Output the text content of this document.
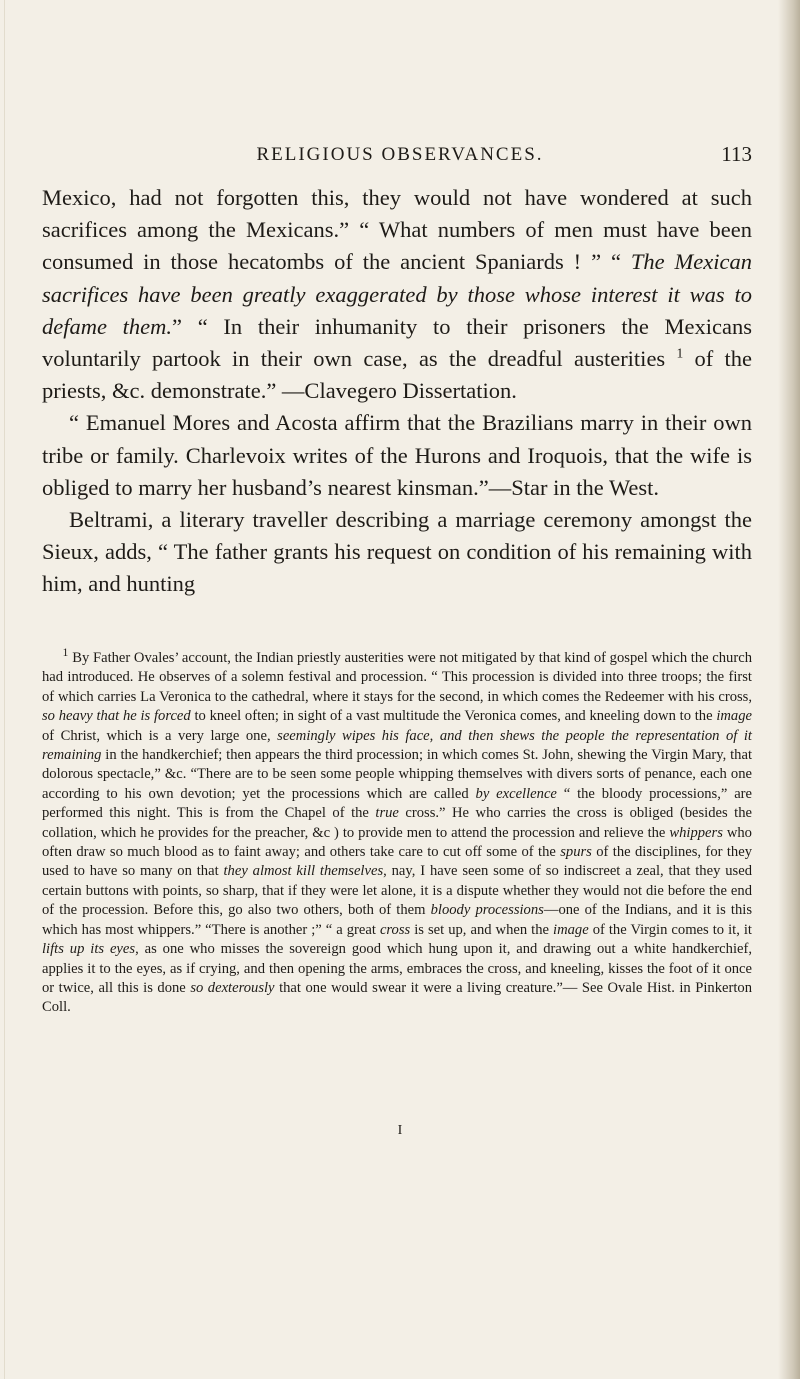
RELIGIOUS OBSERVANCES.	113

Mexico, had not forgotten this, they would not have wondered at such sacrifices among the Mexicans.” “ What numbers of men must have been consumed in those hecatombs of the ancient Spaniards ! ” “ The Mexican sacrifices have been greatly exaggerated by those whose interest it was to defame them.” “ In their inhumanity to their prisoners the Mexicans voluntarily partook in their own case, as the dreadful austerities $^1$ of the priests, &c. demonstrate.” —Clavegero Dissertation.

“ Emanuel Mores and Acosta affirm that the Brazilians marry in their own tribe or family. Charlevoix writes of the Hurons and Iroquois, that the wife is obliged to marry her husband’s nearest kinsman.”—Star in the West.

Beltrami, a literary traveller describing a marriage ceremony amongst the Sieux, adds, “ The father grants his request on condition of his remaining with him, and hunting

$^1$ By Father Ovales’ account, the Indian priestly austerities were not mitigated by that kind of gospel which the church had introduced. He observes of a solemn festival and procession. “ This procession is divided into three troops; the first of which carries La Veronica to the cathedral, where it stays for the second, in which comes the Redeemer with his cross, so heavy that he is forced to kneel often; in sight of a vast multitude the Veronica comes, and kneeling down to the image of Christ, which is a very large one, seemingly wipes his face, and then shews the people the representation of it remaining in the handkerchief; then appears the third procession; in which comes St. John, shewing the Virgin Mary, that dolorous spectacle,” &c. “There are to be seen some people whipping themselves with divers sorts of penance, each one according to his own devotion; yet the processions which are called by excellence “ the bloody processions,” are performed this night. This is from the Chapel of the true cross.” He who carries the cross is obliged (besides the collation, which he provides for the preacher, &c ) to provide men to attend the procession and relieve the whippers who often draw so much blood as to faint away; and others take care to cut off some of the spurs of the disciplines, for they used to have so many on that they almost kill themselves, nay, I have seen some of so indiscreet a zeal, that they used certain buttons with points, so sharp, that if they were let alone, it is a dispute whether they would not die before the end of the procession. Before this, go also two others, both of them bloody processions—one of the Indians, and it is this which has most whippers.” “There is another ;” “ a great cross is set up, and when the image of the Virgin comes to it, it lifts up its eyes, as one who misses the sovereign good which hung upon it, and drawing out a white handkerchief, applies it to the eyes, as if crying, and then opening the arms, embraces the cross, and kneeling, kisses the foot of it once or twice, all this is done so dexterously that one would swear it were a living creature.”— See Ovale Hist. in Pinkerton Coll.

I
